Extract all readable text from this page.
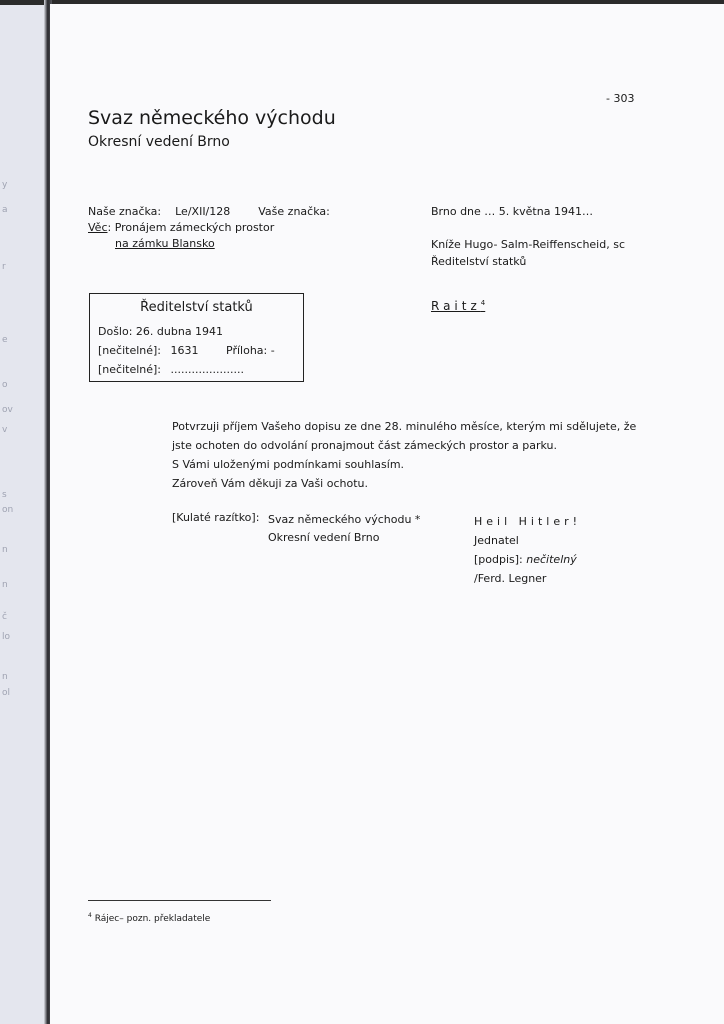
y
a
r
e
o
ov
v
s
on
n
n
č
lo
n
ol
- 303
Svaz německého východu
Okresní vedení Brno
Naše značka: Le/XII/128	Vaše značka:
Věc: Pronájem zámeckých prostor
na zámku Blansko
Brno dne … 5. května 1941…
Kníže Hugo- Salm-Reiffenscheid, sc
Ředitelství statků
Raitz$^4$
Ředitelství statků
Došlo: 26. dubna 1941
[nečitelné]: 1631	Příloha: -
[nečitelné]: .....................
Potvrzuji příjem Vašeho dopisu ze dne 28. minulého měsíce, kterým mi sdělujete, že
jste ochoten do odvolání pronajmout část zámeckých prostor a parku.
S Vámi uloženými podmínkami souhlasím.
Zároveň Vám děkuji za Vaši ochotu.
[Kulaté razítko]: Svaz německého východu *
Okresní vedení Brno
Heil Hitler!
Jednatel
[podpis]: nečitelný
/Ferd. Legner
$^4$ Rájec– pozn. překladatele
